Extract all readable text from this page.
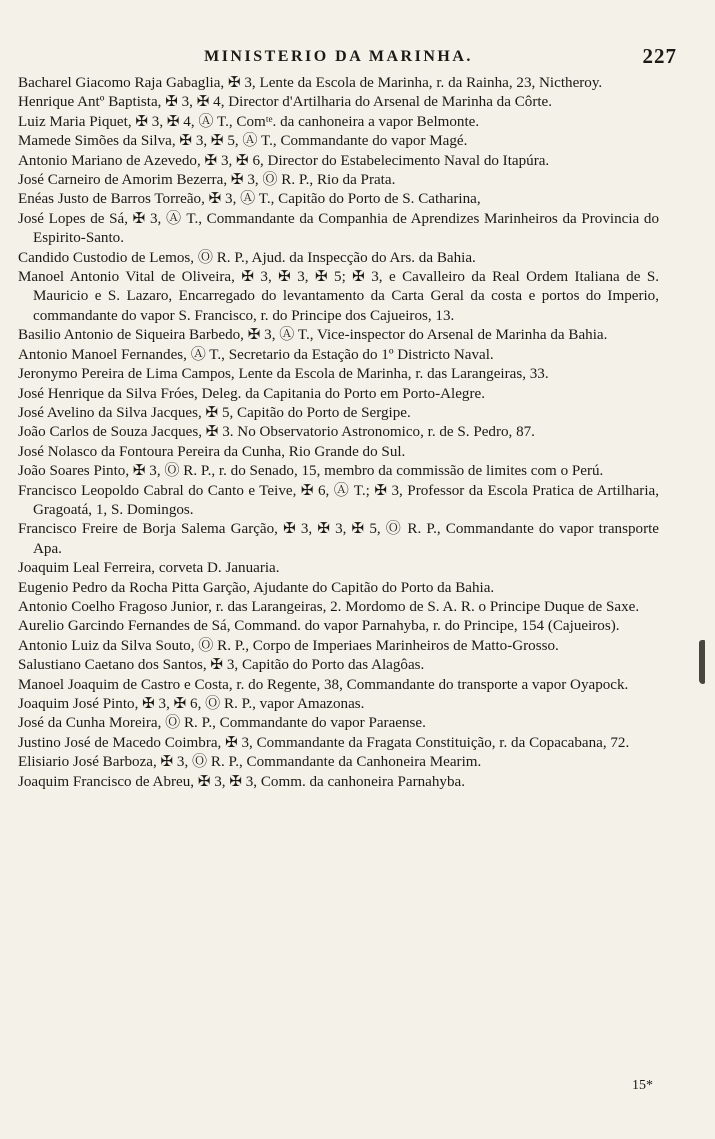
MINISTERIO DA MARINHA.	227

Bacharel Giacomo Raja Gabaglia, ✠ 3, Lente da Escola de Marinha, r. da Rainha, 23, Nictheroy.

Henrique Antº Baptista, ✠ 3, ✠ 4, Director d'Artilharia do Arsenal de Marinha da Côrte.

Luiz Maria Piquet, ✠ 3, ✠ 4, Ⓐ T., Comᵗᵉ. da canhoneira a vapor Belmonte.

Mamede Simões da Silva, ✠ 3, ✠ 5, Ⓐ T., Commandante do vapor Magé.

Antonio Mariano de Azevedo, ✠ 3, ✠ 6, Director do Estabelecimento Naval do Itapúra.

José Carneiro de Amorim Bezerra, ✠ 3, Ⓞ R. P., Rio da Prata.

Enéas Justo de Barros Torreão, ✠ 3, Ⓐ T., Capitão do Porto de S. Catharina,

José Lopes de Sá, ✠ 3, Ⓐ T., Commandante da Companhia de Aprendizes Marinheiros da Provincia do Espirito-Santo.

Candido Custodio de Lemos, Ⓞ R. P., Ajud. da Inspecção do Ars. da Bahia.

Manoel Antonio Vital de Oliveira, ✠ 3, ✠ 3, ✠ 5; ✠ 3, e Cavalleiro da Real Ordem Italiana de S. Mauricio e S. Lazaro, Encarregado do levantamento da Carta Geral da costa e portos do Imperio, commandante do vapor S. Francisco, r. do Principe dos Cajueiros, 13.

Basilio Antonio de Siqueira Barbedo, ✠ 3, Ⓐ T., Vice-inspector do Arsenal de Marinha da Bahia.

Antonio Manoel Fernandes, Ⓐ T., Secretario da Estação do 1º Districto Naval.

Jeronymo Pereira de Lima Campos, Lente da Escola de Marinha, r. das Larangeiras, 33.

José Henrique da Silva Fróes, Deleg. da Capitania do Porto em Porto-Alegre.

José Avelino da Silva Jacques, ✠ 5, Capitão do Porto de Sergipe.

João Carlos de Souza Jacques, ✠ 3. No Observatorio Astronomico, r. de S. Pedro, 87.

José Nolasco da Fontoura Pereira da Cunha, Rio Grande do Sul.

João Soares Pinto, ✠ 3, Ⓞ R. P., r. do Senado, 15, membro da commissão de limites com o Perú.

Francisco Leopoldo Cabral do Canto e Teive, ✠ 6, Ⓐ T.; ✠ 3, Professor da Escola Pratica de Artilharia, Gragoatá, 1, S. Domingos.

Francisco Freire de Borja Salema Garção, ✠ 3, ✠ 3, ✠ 5, Ⓞ R. P., Commandante do vapor transporte Apa.

Joaquim Leal Ferreira, corveta D. Januaria.

Eugenio Pedro da Rocha Pitta Garção, Ajudante do Capitão do Porto da Bahia.

Antonio Coelho Fragoso Junior, r. das Larangeiras, 2. Mordomo de S. A. R. o Principe Duque de Saxe.

Aurelio Garcindo Fernandes de Sá, Command. do vapor Parnahyba, r. do Principe, 154 (Cajueiros).

Antonio Luiz da Silva Souto, Ⓞ R. P., Corpo de Imperiaes Marinheiros de Matto-Grosso.

Salustiano Caetano dos Santos, ✠ 3, Capitão do Porto das Alagôas.

Manoel Joaquim de Castro e Costa, r. do Regente, 38, Commandante do transporte a vapor Oyapock.

Joaquim José Pinto, ✠ 3, ✠ 6, Ⓞ R. P., vapor Amazonas.

José da Cunha Moreira, Ⓞ R. P., Commandante do vapor Paraense.

Justino José de Macedo Coimbra, ✠ 3, Commandante da Fragata Constituição, r. da Copacabana, 72.

Elisiario José Barboza, ✠ 3, Ⓞ R. P., Commandante da Canhoneira Mearim.

Joaquim Francisco de Abreu, ✠ 3, ✠ 3, Comm. da canhoneira Parnahyba.

15*
